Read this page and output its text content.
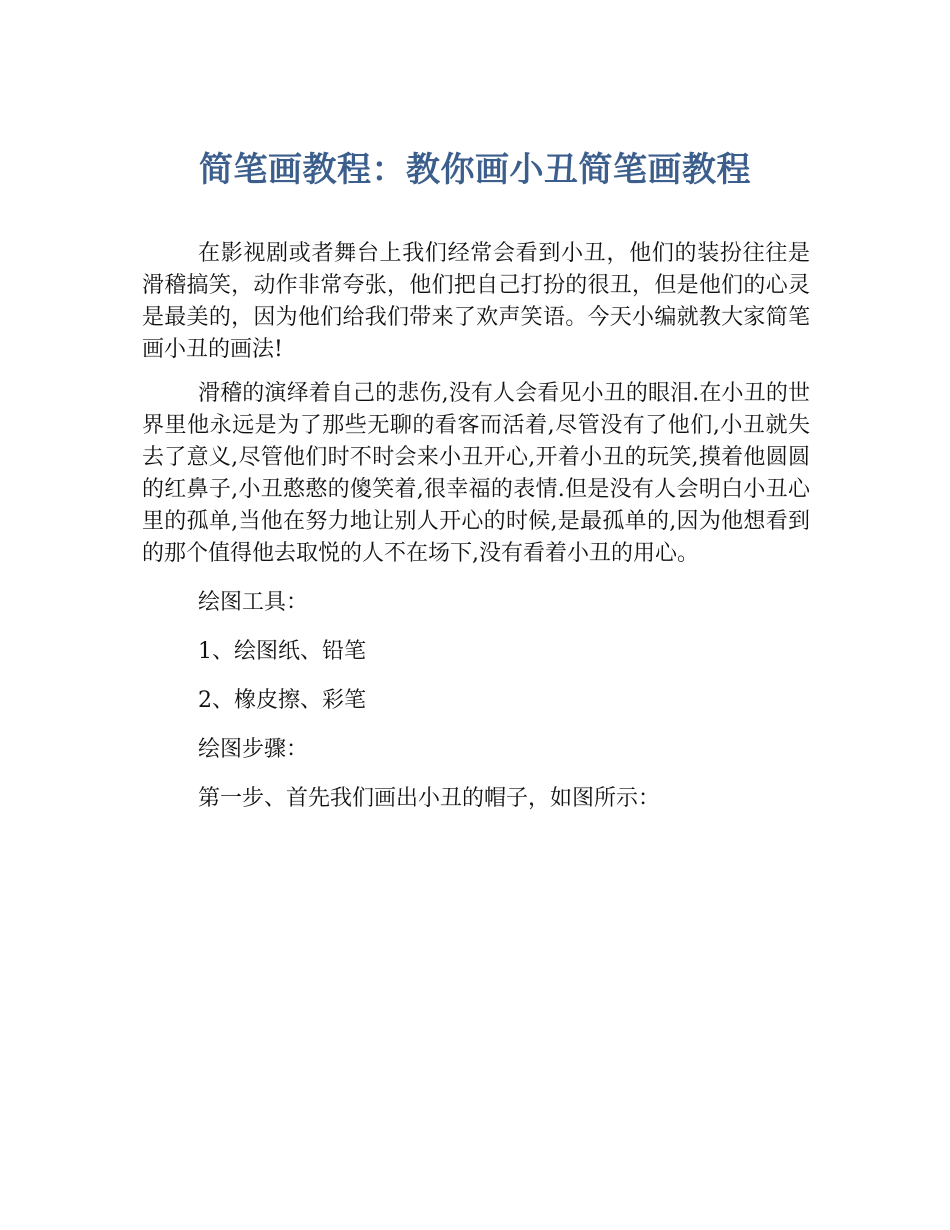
简笔画教程：教你画小丑简笔画教程

在影视剧或者舞台上我们经常会看到小丑，他们的装扮往往是滑稽搞笑，动作非常夸张，他们把自己打扮的很丑，但是他们的心灵是最美的，因为他们给我们带来了欢声笑语。今天小编就教大家简笔画小丑的画法!

滑稽的演绎着自己的悲伤,没有人会看见小丑的眼泪.在小丑的世界里他永远是为了那些无聊的看客而活着,尽管没有了他们,小丑就失去了意义,尽管他们时不时会来小丑开心,开着小丑的玩笑,摸着他圆圆的红鼻子,小丑憨憨的傻笑着,很幸福的表情.但是没有人会明白小丑心里的孤单,当他在努力地让别人开心的时候,是最孤单的,因为他想看到的那个值得他去取悦的人不在场下,没有看着小丑的用心。

绘图工具：

1、绘图纸、铅笔

2、橡皮擦、彩笔

绘图步骤：

第一步、首先我们画出小丑的帽子，如图所示：
